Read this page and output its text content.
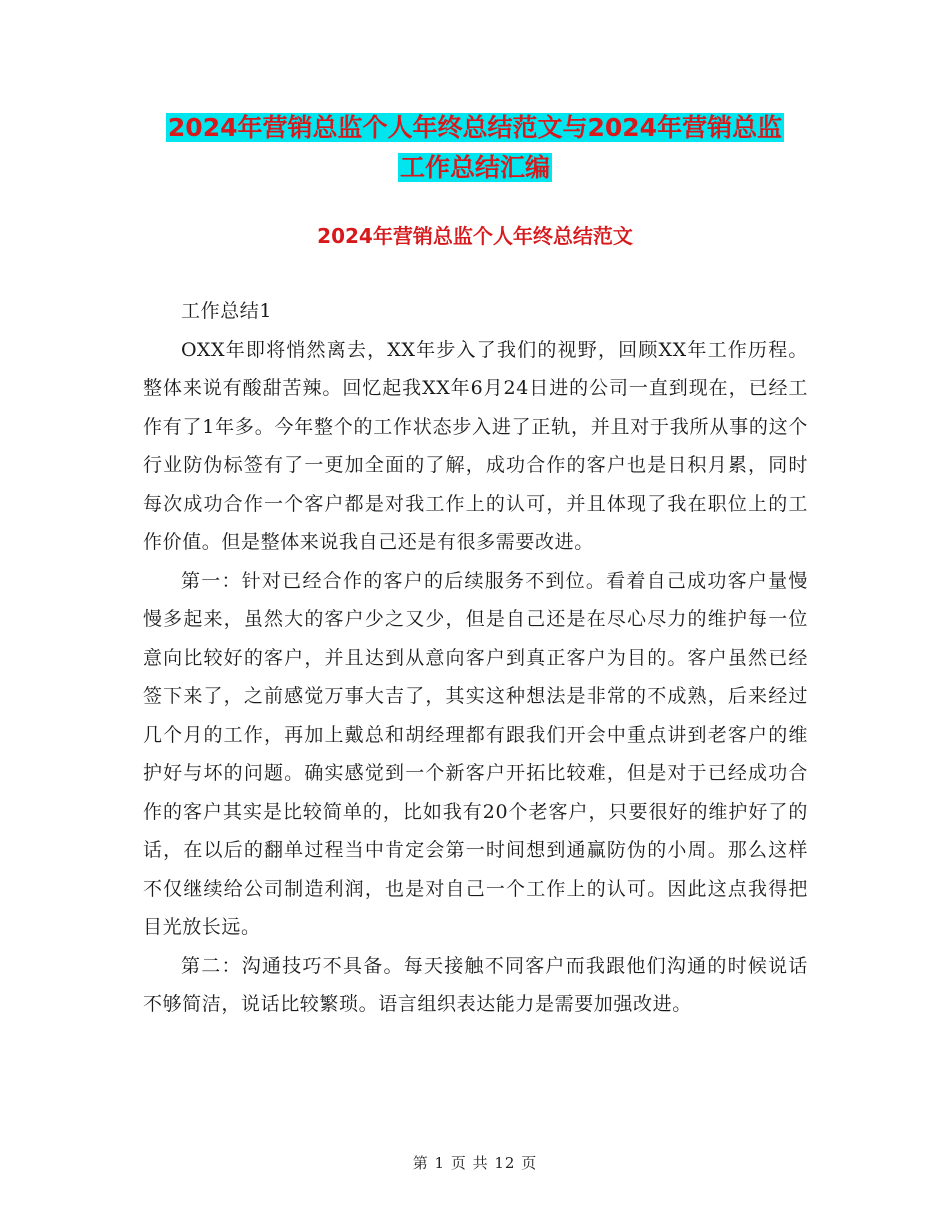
2024年营销总监个人年终总结范文与2024年营销总监
工作总结汇编
2024年营销总监个人年终总结范文

工作总结1

OXX年即将悄然离去，XX年步入了我们的视野，回顾XX年工作历程。整体来说有酸甜苦辣。回忆起我XX年6月24日进的公司一直到现在，已经工作有了1年多。今年整个的工作状态步入进了正轨，并且对于我所从事的这个行业防伪标签有了一更加全面的了解，成功合作的客户也是日积月累，同时每次成功合作一个客户都是对我工作上的认可，并且体现了我在职位上的工作价值。但是整体来说我自己还是有很多需要改进。

第一：针对已经合作的客户的后续服务不到位。看着自己成功客户量慢慢多起来，虽然大的客户少之又少，但是自己还是在尽心尽力的维护每一位意向比较好的客户，并且达到从意向客户到真正客户为目的。客户虽然已经签下来了，之前感觉万事大吉了，其实这种想法是非常的不成熟，后来经过几个月的工作，再加上戴总和胡经理都有跟我们开会中重点讲到老客户的维护好与坏的问题。确实感觉到一个新客户开拓比较难，但是对于已经成功合作的客户其实是比较简单的，比如我有20个老客户，只要很好的维护好了的话，在以后的翻单过程当中肯定会第一时间想到通赢防伪的小周。那么这样不仅继续给公司制造利润，也是对自己一个工作上的认可。因此这点我得把目光放长远。

第二：沟通技巧不具备。每天接触不同客户而我跟他们沟通的时候说话不够简洁，说话比较繁琐。语言组织表达能力是需要加强改进。

第 1 页 共 12 页
